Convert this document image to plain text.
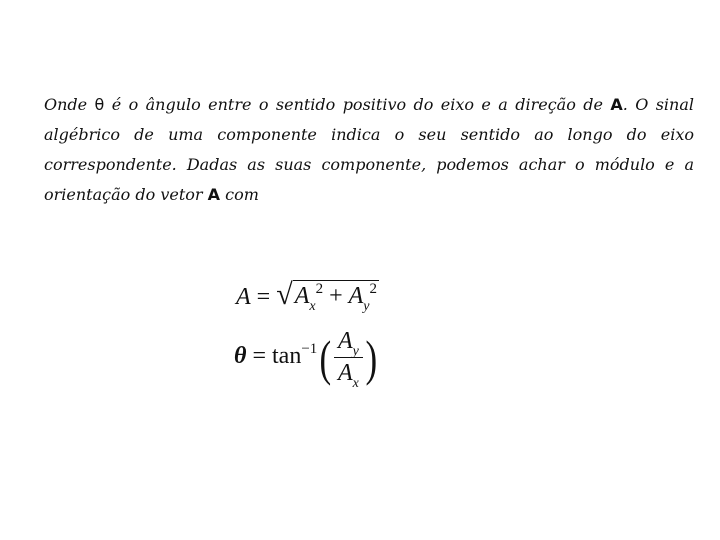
Onde θ é o ângulo entre o sentido positivo do eixo e a direção de A. O sinal algébrico de uma componente indica o seu sentido ao longo do eixo correspondente. Dadas as suas componente, podemos achar o módulo e a orientação do vetor A com
A = √ $A_x^2 + A_y^2$
$\theta = \tan^{-1}( \frac{A_y}{A_x}$ )
